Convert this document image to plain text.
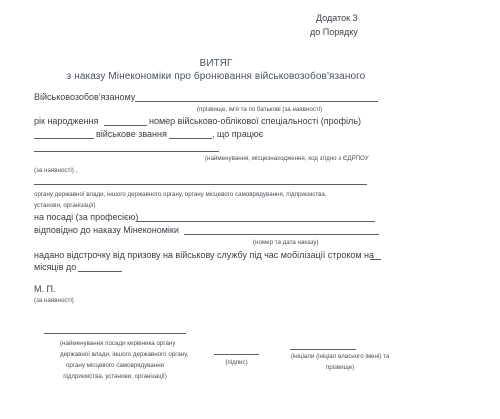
Додаток 3
до Порядку
ВИТЯГ
з наказу Мінекономіки про бронювання військовозобов'язаного
Військовозобов'язаному
(прізвище, ім'я та по батькові (за наявності)
рік народження	номер військово-облікової спеціальності (профіль)
військове звання	, що працює
(найменування, місцезнаходження, код згідно з ЄДРПОУ
(за наявності) ,
органу державної влади, іншого державного органу, органу місцевого самоврядування, підприємства,
установи, організації)
на посаді (за професією)
відповідно до наказу Мінекономіки
(номер та дата наказу)
надано відстрочку від призову на військову службу під час мобілізації строком на
місяців до
М. П.
(за наявності)
(найменування посади керівника органу
державної влади, іншого державного органу,
органу місцевого самоврядування
підприємства, установи, організації)
(підпис)
(ініціали (ініціал власного імені) та
прізвище)
